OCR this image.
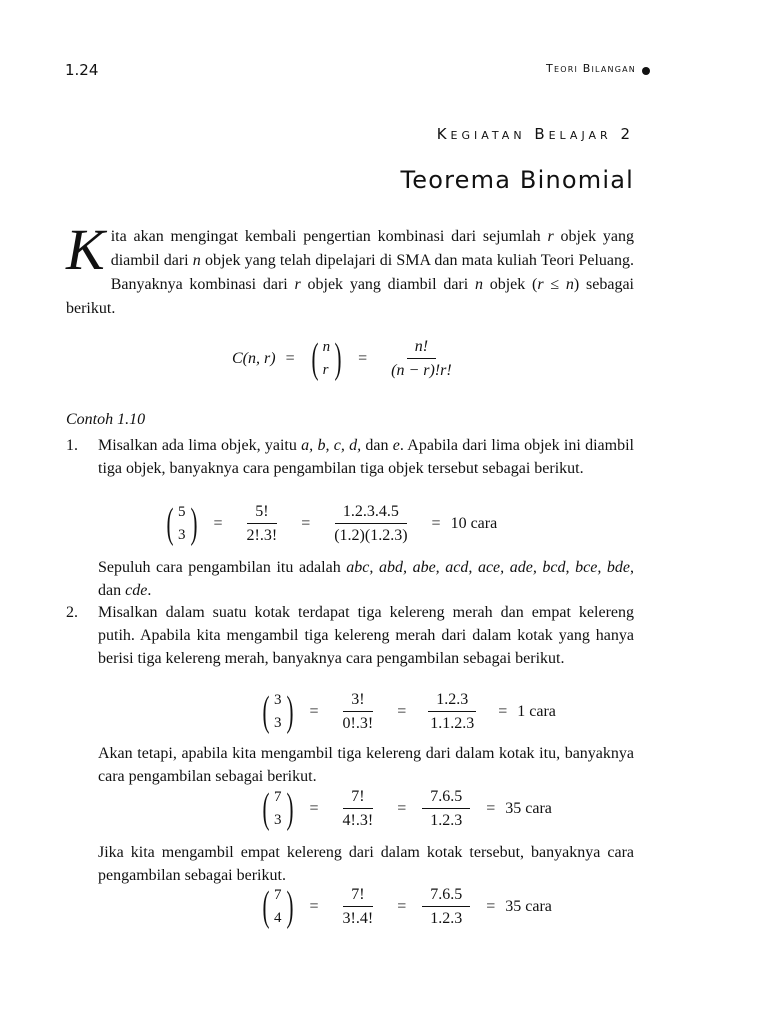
1.24	Teori Bilangan
Kegiatan Belajar 2
Teorema Binomial
Kita akan mengingat kembali pengertian kombinasi dari sejumlah r objek yang diambil dari n objek yang telah dipelajari di SMA dan mata kuliah Teori Peluang. Banyaknya kombinasi dari r objek yang diambil dari n objek (r ≤ n) sebagai berikut.
C(n, r) = ( n
r ) = $\frac{n!}{(n - r)!r!}$
Contoh 1.10
1. Misalkan ada lima objek, yaitu a, b, c, d, dan e. Apabila dari lima objek ini diambil tiga objek, banyaknya cara pengambilan tiga objek tersebut sebagai berikut.
( 5
3 ) = $\frac{5!}{2!.3!} = \frac{1.2.3.4.5}{(1.2)(1.2.3)} = 10$ cara
Sepuluh cara pengambilan itu adalah abc, abd, abe, acd, ace, ade, bcd, bce, bde, dan cde.
2. Misalkan dalam suatu kotak terdapat tiga kelereng merah dan empat kelereng putih. Apabila kita mengambil tiga kelereng merah dari dalam kotak yang hanya berisi tiga kelereng merah, banyaknya cara pengambilan sebagai berikut.
( 3
3 ) = $\frac{3!}{0!.3!} = \frac{1.2.3}{1.1.2.3} = 1$ cara
Akan tetapi, apabila kita mengambil tiga kelereng dari dalam kotak itu, banyaknya cara pengambilan sebagai berikut.
( 7
3 ) = $\frac{7!}{4!.3!} = \frac{7.6.5}{1.2.3} = 35$ cara
Jika kita mengambil empat kelereng dari dalam kotak tersebut, banyaknya cara pengambilan sebagai berikut.
( 7
4 ) = $\frac{7!}{3!.4!} = \frac{7.6.5}{1.2.3} = 35$ cara
